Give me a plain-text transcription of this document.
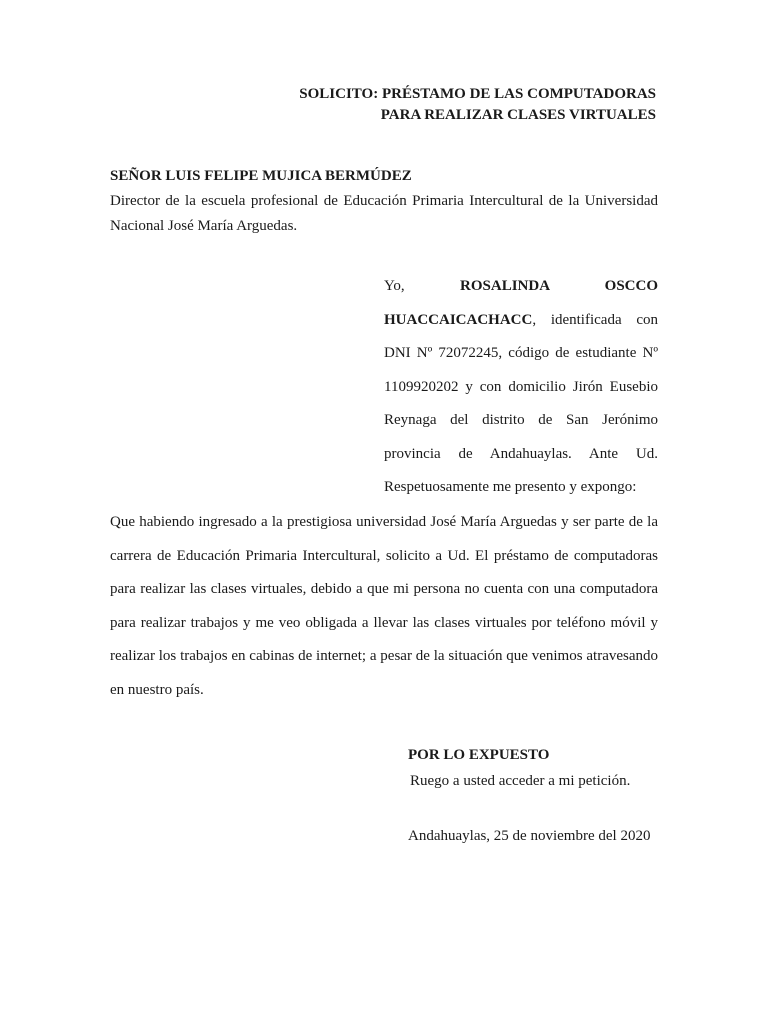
SOLICITO: PRÉSTAMO DE LAS COMPUTADORAS
PARA REALIZAR CLASES VIRTUALES
SEÑOR LUIS FELIPE MUJICA BERMÚDEZ
Director de la escuela profesional de Educación Primaria Intercultural de la Universidad Nacional José María Arguedas.
Yo, ROSALINDA OSCCO HUACCAICACHACC, identificada con DNI Nº 72072245, código de estudiante Nº 1109920202 y con domicilio Jirón Eusebio Reynaga del distrito de San Jerónimo provincia de Andahuaylas. Ante Ud. Respetuosamente me presento y expongo:
Que habiendo ingresado a la prestigiosa universidad José María Arguedas y ser parte de la carrera de Educación Primaria Intercultural, solicito a Ud. El préstamo de computadoras para realizar las clases virtuales, debido a que mi persona no cuenta con una computadora para realizar trabajos y me veo obligada a llevar las clases virtuales por teléfono móvil y realizar los trabajos en cabinas de internet; a pesar de la situación que venimos atravesando en nuestro país.
POR LO EXPUESTO
Ruego a usted acceder a mi petición.
Andahuaylas, 25 de noviembre del 2020
